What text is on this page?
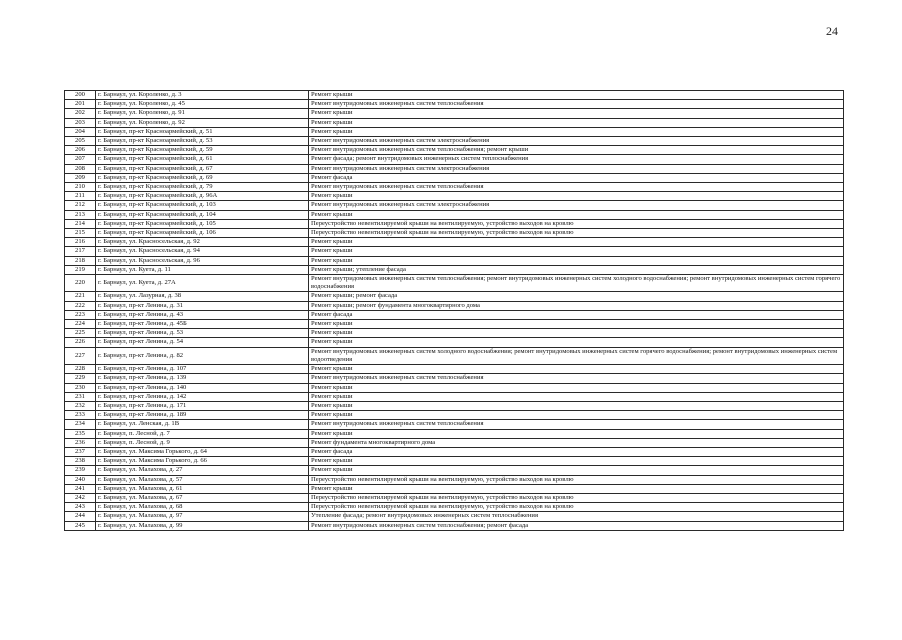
24
200	г. Барнаул, ул. Короленко, д. 3	Ремонт крыши
201	г. Барнаул, ул. Короленко, д. 45	Ремонт внутридомовых инженерных систем теплоснабжения
202	г. Барнаул, ул. Короленко, д. 91	Ремонт крыши
203	г. Барнаул, ул. Короленко, д. 92	Ремонт крыши
204	г. Барнаул, пр-кт Красноармейский, д. 51	Ремонт крыши
205	г. Барнаул, пр-кт Красноармейский, д. 53	Ремонт внутридомовых инженерных систем электроснабжения
206	г. Барнаул, пр-кт Красноармейский, д. 59	Ремонт внутридомовых инженерных систем теплоснабжения; ремонт крыши
207	г. Барнаул, пр-кт Красноармейский, д. 61	Ремонт фасада; ремонт внутридомовых инженерных систем теплоснабжения
208	г. Барнаул, пр-кт Красноармейский, д. 67	Ремонт внутридомовых инженерных систем электроснабжения
209	г. Барнаул, пр-кт Красноармейский, д. 69	Ремонт фасада
210	г. Барнаул, пр-кт Красноармейский, д. 79	Ремонт внутридомовых инженерных систем теплоснабжения
211	г. Барнаул, пр-кт Красноармейский, д. 96А	Ремонт крыши
212	г. Барнаул, пр-кт Красноармейский, д. 103	Ремонт внутридомовых инженерных систем электроснабжения
213	г. Барнаул, пр-кт Красноармейский, д. 104	Ремонт крыши
214	г. Барнаул, пр-кт Красноармейский, д. 105	Переустройство невентилируемой крыши на вентилируемую, устройство выходов на кровлю
215	г. Барнаул, пр-кт Красноармейский, д. 106	Переустройство невентилируемой крыши на вентилируемую, устройство выходов на кровлю
216	г. Барнаул, ул. Красносельская, д. 92	Ремонт крыши
217	г. Барнаул, ул. Красносельская, д. 94	Ремонт крыши
218	г. Барнаул, ул. Красносельская, д. 96	Ремонт крыши
219	г. Барнаул, ул. Куета, д. 11	Ремонт крыши; утепление фасада
220	г. Барнаул, ул. Куета, д. 27А	Ремонт внутридомовых инженерных систем теплоснабжения; ремонт внутридомовых инженерных систем холодного водоснабжения; ремонт внутридомовых инженерных систем горячего водоснабжения
221	г. Барнаул, ул. Лазурная, д. 38	Ремонт крыши; ремонт фасада
222	г. Барнаул, пр-кт Ленина, д. 31	Ремонт крыши; ремонт фундамента многоквартирного дома
223	г. Барнаул, пр-кт Ленина, д. 43	Ремонт фасада
224	г. Барнаул, пр-кт Ленина, д. 45Б	Ремонт крыши
225	г. Барнаул, пр-кт Ленина, д. 53	Ремонт крыши
226	г. Барнаул, пр-кт Ленина, д. 54	Ремонт крыши
227	г. Барнаул, пр-кт Ленина, д. 82	Ремонт внутридомовых инженерных систем холодного водоснабжения; ремонт внутридомовых инженерных систем горячего водоснабжения; ремонт внутридомовых инженерных систем водоотведения
228	г. Барнаул, пр-кт Ленина, д. 107	Ремонт крыши
229	г. Барнаул, пр-кт Ленина, д. 139	Ремонт внутридомовых инженерных систем теплоснабжения
230	г. Барнаул, пр-кт Ленина, д. 140	Ремонт крыши
231	г. Барнаул, пр-кт Ленина, д. 142	Ремонт крыши
232	г. Барнаул, пр-кт Ленина, д. 171	Ремонт крыши
233	г. Барнаул, пр-кт Ленина, д. 189	Ремонт крыши
234	г. Барнаул, ул. Ленская, д. 1В	Ремонт внутридомовых инженерных систем теплоснабжения
235	г. Барнаул, п. Лесной, д. 7	Ремонт крыши
236	г. Барнаул, п. Лесной, д. 9	Ремонт фундамента многоквартирного дома
237	г. Барнаул, ул. Максима Горького, д. 64	Ремонт фасада
238	г. Барнаул, ул. Максима Горького, д. 66	Ремонт крыши
239	г. Барнаул, ул. Малахова, д. 27	Ремонт крыши
240	г. Барнаул, ул. Малахова, д. 57	Переустройство невентилируемой крыши на вентилируемую, устройство выходов на кровлю
241	г. Барнаул, ул. Малахова, д. 61	Ремонт крыши
242	г. Барнаул, ул. Малахова, д. 67	Переустройство невентилируемой крыши на вентилируемую, устройство выходов на кровлю
243	г. Барнаул, ул. Малахова, д. 68	Переустройство невентилируемой крыши на вентилируемую, устройство выходов на кровлю
244	г. Барнаул, ул. Малахова, д. 97	Утепление фасада; ремонт внутридомовых инженерных систем теплоснабжения
245	г. Барнаул, ул. Малахова, д. 99	Ремонт внутридомовых инженерных систем теплоснабжения; ремонт фасада
